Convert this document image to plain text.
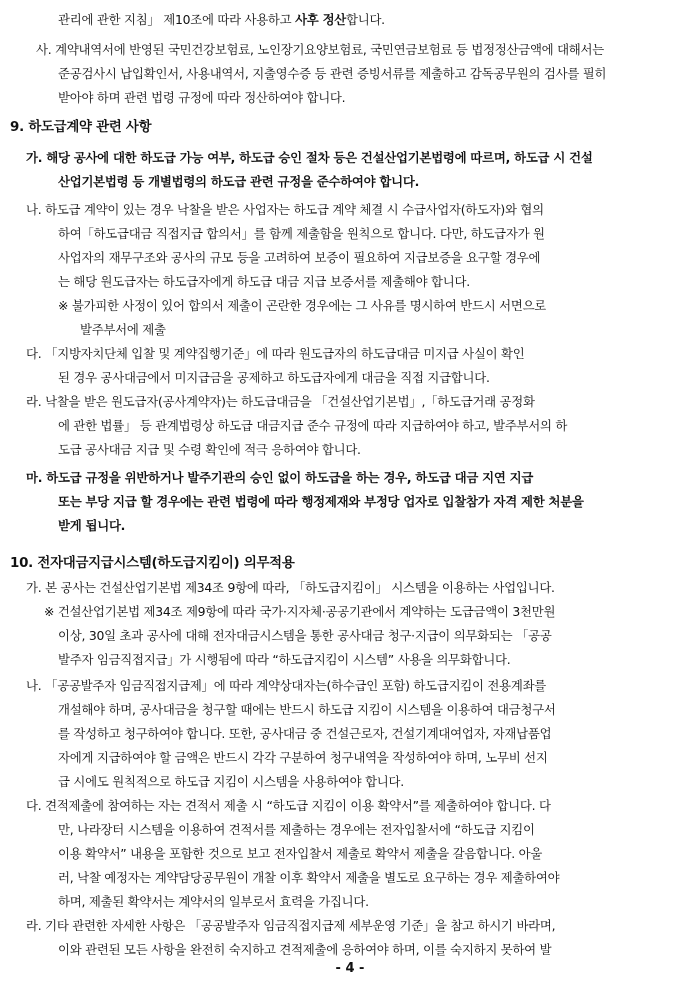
관리에 관한 지침」 제10조에 따라 사용하고 사후 정산합니다.
사. 계약내역서에 반영된 국민건강보험료, 노인장기요양보험료, 국민연금보험료 등 법정정산금액에 대해서는
준공검사시 납입확인서, 사용내역서, 지출영수증 등 관련 증빙서류를 제출하고 감독공무원의 검사를 필히
받아야 하며 관련 법령 규정에 따라 정산하여야 합니다.
9. 하도급계약 관련 사항
가. 해당 공사에 대한 하도급 가능 여부, 하도급 승인 절차 등은 건설산업기본법령에 따르며, 하도급 시 건설
산업기본법령 등 개별법령의 하도급 관련 규정을 준수하여야 합니다.
나. 하도급 계약이 있는 경우 낙찰을 받은 사업자는 하도급 계약 체결 시 수급사업자(하도자)와 협의
하여「하도급대금 직접지급 합의서」를 함께 제출함을 원칙으로 합니다. 다만, 하도급자가 원
사업자의 재무구조와 공사의 규모 등을 고려하여 보증이 필요하여 지급보증을 요구할 경우에
는 해당 원도급자는 하도급자에게 하도급 대금 지급 보증서를 제출해야 합니다.
※ 불가피한 사정이 있어 합의서 제출이 곤란한 경우에는 그 사유를 명시하여 반드시 서면으로
발주부서에 제출
다. 「지방자치단체 입찰 및 계약집행기준」에 따라 원도급자의 하도급대금 미지급 사실이 확인
된 경우 공사대금에서 미지급금을 공제하고 하도급자에게 대금을 직접 지급합니다.
라. 낙찰을 받은 원도급자(공사계약자)는 하도급대금을 「건설산업기본법」,「하도급거래 공정화
에 관한 법률」 등 관계법령상 하도급 대금지급 준수 규정에 따라 지급하여야 하고, 발주부서의 하
도급 공사대금 지급 및 수령 확인에 적극 응하여야 합니다.
마. 하도급 규정을 위반하거나 발주기관의 승인 없이 하도급을 하는 경우, 하도급 대금 지연 지급
또는 부당 지급 할 경우에는 관련 법령에 따라 행정제재와 부정당 업자로 입찰참가 자격 제한 처분을
받게 됩니다.
10. 전자대금지급시스템(하도급지킴이) 의무적용
가. 본 공사는 건설산업기본법 제34조 9항에 따라, 「하도급지킴이」 시스템을 이용하는 사업입니다.
※ 건설산업기본법 제34조 제9항에 따라 국가·지자체·공공기관에서 계약하는 도급금액이 3천만원
이상, 30일 초과 공사에 대해 전자대금시스템을 통한 공사대금 청구·지급이 의무화되는 「공공
발주자 임금직접지급」가 시행됨에 따라 “하도급지킴이 시스템” 사용을 의무화합니다.
나. 「공공발주자 임금직접지급제」에 따라 계약상대자는(하수급인 포함) 하도급지킴이 전용계좌를
개설해야 하며, 공사대금을 청구할 때에는 반드시 하도급 지킴이 시스템을 이용하여 대금청구서
를 작성하고 청구하여야 합니다. 또한, 공사대금 중 건설근로자, 건설기계대여업자, 자재납품업
자에게 지급하여야 할 금액은 반드시 각각 구분하여 청구내역을 작성하여야 하며, 노무비 선지
급 시에도 원칙적으로 하도급 지킴이 시스템을 사용하여야 합니다.
다. 견적제출에 참여하는 자는 견적서 제출 시 “하도급 지킴이 이용 확약서”를 제출하여야 합니다. 다
만, 나라장터 시스템을 이용하여 견적서를 제출하는 경우에는 전자입찰서에 “하도급 지킴이
이용 확약서” 내용을 포함한 것으로 보고 전자입찰서 제출로 확약서 제출을 갈음합니다. 아울
러, 낙찰 예정자는 계약담당공무원이 개찰 이후 확약서 제출을 별도로 요구하는 경우 제출하여야
하며, 제출된 확약서는 계약서의 일부로서 효력을 가집니다.
라. 기타 관련한 자세한 사항은 「공공발주자 임금직접지급제 세부운영 기준」을 참고 하시기 바라며,
이와 관련된 모든 사항을 완전히 숙지하고 견적제출에 응하여야 하며, 이를 숙지하지 못하여 발
- 4 -
